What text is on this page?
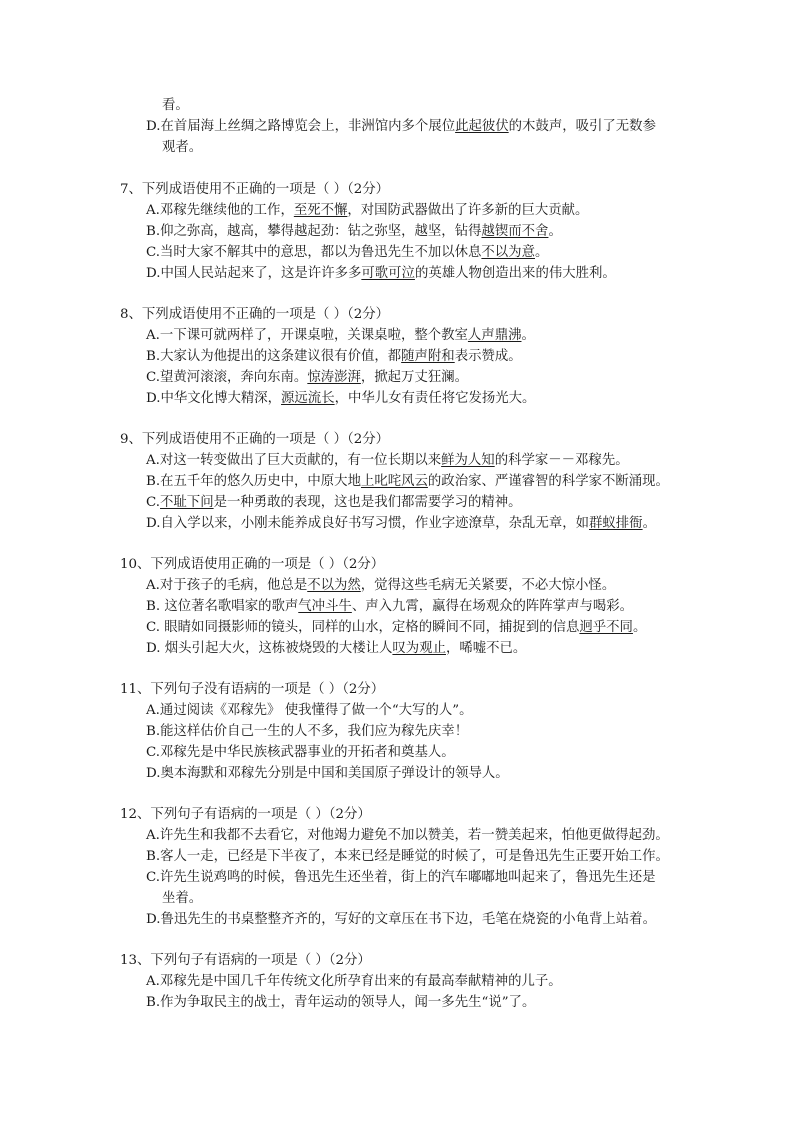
看。
D.在首届海上丝绸之路博览会上，非洲馆内多个展位此起彼伏的木鼓声，吸引了无数参
观者。
7、下列成语使用不正确的一项是（ ）（2分）
A.邓稼先继续他的工作，至死不懈，对国防武器做出了许多新的巨大贡献。
B.仰之弥高，越高，攀得越起劲：钻之弥坚，越坚，钻得越锲而不舍。
C.当时大家不解其中的意思，都以为鲁迅先生不加以休息不以为意。
D.中国人民站起来了，这是许许多多可歌可泣的英雄人物创造出来的伟大胜利。
8、下列成语使用不正确的一项是（ ）（2分）
A.一下课可就两样了，开课桌啦，关课桌啦，整个教室人声鼎沸。
B.大家认为他提出的这条建议很有价值，都随声附和表示赞成。
C.望黄河滚滚，奔向东南。惊涛澎湃，掀起万丈狂澜。
D.中华文化博大精深，源远流长，中华儿女有责任将它发扬光大。
9、下列成语使用不正确的一项是（ ）（2分）
A.对这一转变做出了巨大贡献的，有一位长期以来鲜为人知的科学家－－邓稼先。
B.在五千年的悠久历史中，中原大地上叱咤风云的政治家、严谨睿智的科学家不断涌现。
C.不耻下问是一种勇敢的表现，这也是我们都需要学习的精神。
D.自入学以来，小刚未能养成良好书写习惯，作业字迹潦草，杂乱无章，如群蚁排衙。
10、下列成语使用正确的一项是（ ）（2分）
A.对于孩子的毛病，他总是不以为然，觉得这些毛病无关紧要，不必大惊小怪。
B. 这位著名歌唱家的歌声气冲斗牛、声入九霄，赢得在场观众的阵阵掌声与喝彩。
C. 眼睛如同摄影师的镜头，同样的山水，定格的瞬间不同，捕捉到的信息迥乎不同。
D. 烟头引起大火，这栋被烧毁的大楼让人叹为观止，唏嘘不已。
11、下列句子没有语病的一项是（ ）（2分）
A.通过阅读《邓稼先》 使我懂得了做一个“大写的人”。
B.能这样估价自己一生的人不多，我们应为稼先庆幸！
C.邓稼先是中华民族核武器事业的开拓者和奠基人。
D.奥本海默和邓稼先分别是中国和美国原子弹设计的领导人。
12、下列句子有语病的一项是（ ）（2分）
A.许先生和我都不去看它，对他竭力避免不加以赞美，若一赞美起来，怕他更做得起劲。
B.客人一走，已经是下半夜了，本来已经是睡觉的时候了，可是鲁迅先生正要开始工作。
C.许先生说鸡鸣的时候，鲁迅先生还坐着，街上的汽车嘟嘟地叫起来了，鲁迅先生还是
坐着。
D.鲁迅先生的书桌整整齐齐的，写好的文章压在书下边，毛笔在烧瓷的小龟背上站着。
13、下列句子有语病的一项是（ ）（2分）
A.邓稼先是中国几千年传统文化所孕育出来的有最高奉献精神的儿子。
B.作为争取民主的战士，青年运动的领导人，闻一多先生“说”了。
